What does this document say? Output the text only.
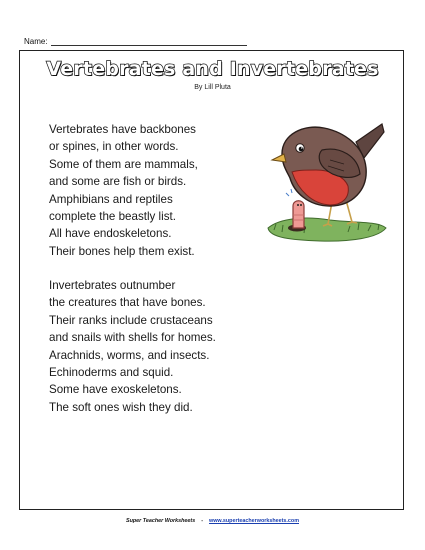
Name:
Vertebrates and Invertebrates
By Lill Pluta
Vertebrates have backbones
or spines, in other words.
Some of them are mammals,
and some are fish or birds.
Amphibians and reptiles
complete the beastly list.
All have endoskeletons.
Their bones help them exist.
Invertebrates outnumber
the creatures that have bones.
Their ranks include crustaceans
and snails with shells for homes.
Arachnids, worms, and insects.
Echinoderms and squid.
Some have exoskeletons.
The soft ones wish they did.
Super Teacher Worksheets - www.superteacherworksheets.com
